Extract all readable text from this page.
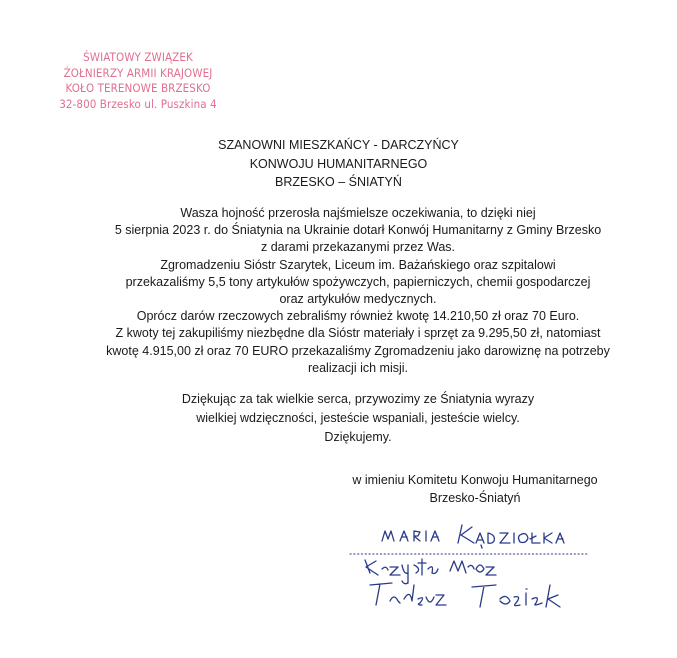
ŚWIATOWY ZWIĄZEK
ŻOŁNIERZY ARMII KRAJOWEJ
KOŁO TERENOWE BRZESKO
32-800 Brzesko ul. Puszkina 4
SZANOWNI MIESZKAŃCY - DARCZYŃCY
KONWOJU HUMANITARNEGO
BRZESKO – ŚNIATYŃ
Wasza hojność przerosła najśmielsze oczekiwania, to dzięki niej
5 sierpnia 2023 r. do Śniatynia na Ukrainie dotarł Konwój Humanitarny z Gminy Brzesko
z darami przekazanymi przez Was.
Zgromadzeniu Sióstr Szarytek, Liceum im. Bażańskiego oraz szpitalowi
przekazaliśmy 5,5 tony artykułów spożywczych, papierniczych, chemii gospodarczej
oraz artykułów medycznych.
Oprócz darów rzeczowych zebraliśmy również kwotę 14.210,50 zł oraz 70 Euro.
Z kwoty tej zakupiliśmy niezbędne dla Sióstr materiały i sprzęt za 9.295,50 zł, natomiast
kwotę 4.915,00 zł oraz 70 EURO przekazaliśmy Zgromadzeniu jako darowiznę na potrzeby
realizacji ich misji.
Dziękując za tak wielkie serca, przywozimy ze Śniatynia wyrazy
wielkiej wdzięczności, jesteście wspaniali, jesteście wielcy.
Dziękujemy.
w imieniu Komitetu Konwoju Humanitarnego
Brzesko-Śniatyń
